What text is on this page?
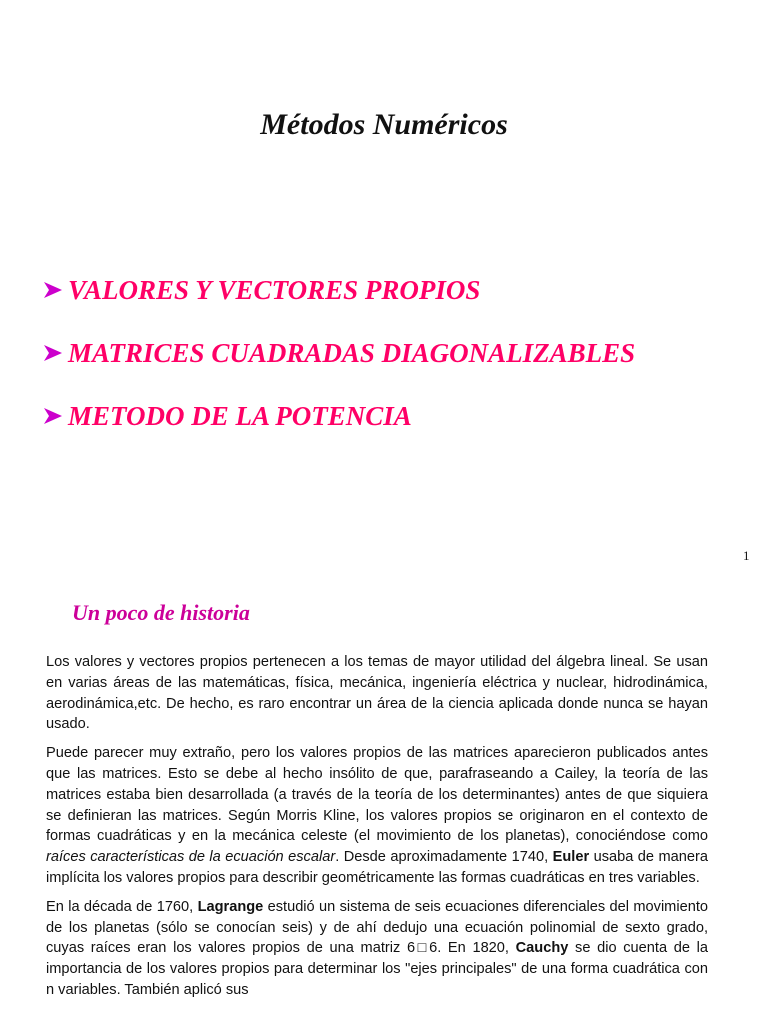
Métodos Numéricos
VALORES Y VECTORES PROPIOS
MATRICES CUADRADAS DIAGONALIZABLES
METODO DE LA POTENCIA
1
Un poco de historia

Los valores y vectores propios pertenecen a los temas de mayor utilidad del álgebra lineal. Se usan en varias áreas de las matemáticas, física, mecánica, ingeniería eléctrica y nuclear, hidrodinámica, aerodinámica,etc. De hecho, es raro encontrar un área de la ciencia aplicada donde nunca se hayan usado.

Puede parecer muy extraño, pero los valores propios de las matrices aparecieron publicados antes que las matrices. Esto se debe al hecho insólito de que, parafraseando a Cailey, la teoría de las matrices estaba bien desarrollada (a través de la teoría de los determinantes) antes de que siquiera se definieran las matrices. Según Morris Kline, los valores propios se originaron en el contexto de formas cuadráticas y en la mecánica celeste (el movimiento de los planetas), conociéndose como raíces características de la ecuación escalar. Desde aproximadamente 1740, Euler usaba de manera implícita los valores propios para describir geométricamente las formas cuadráticas en tres variables.

En la década de 1760, Lagrange estudió un sistema de seis ecuaciones diferenciales del movimiento de los planetas (sólo se conocían seis) y de ahí dedujo una ecuación polinomial de sexto grado, cuyas raíces eran los valores propios de una matriz 6□6. En 1820, Cauchy se dio cuenta de la importancia de los valores propios para determinar los "ejes principales" de una forma cuadrática con n variables. También aplicó sus
